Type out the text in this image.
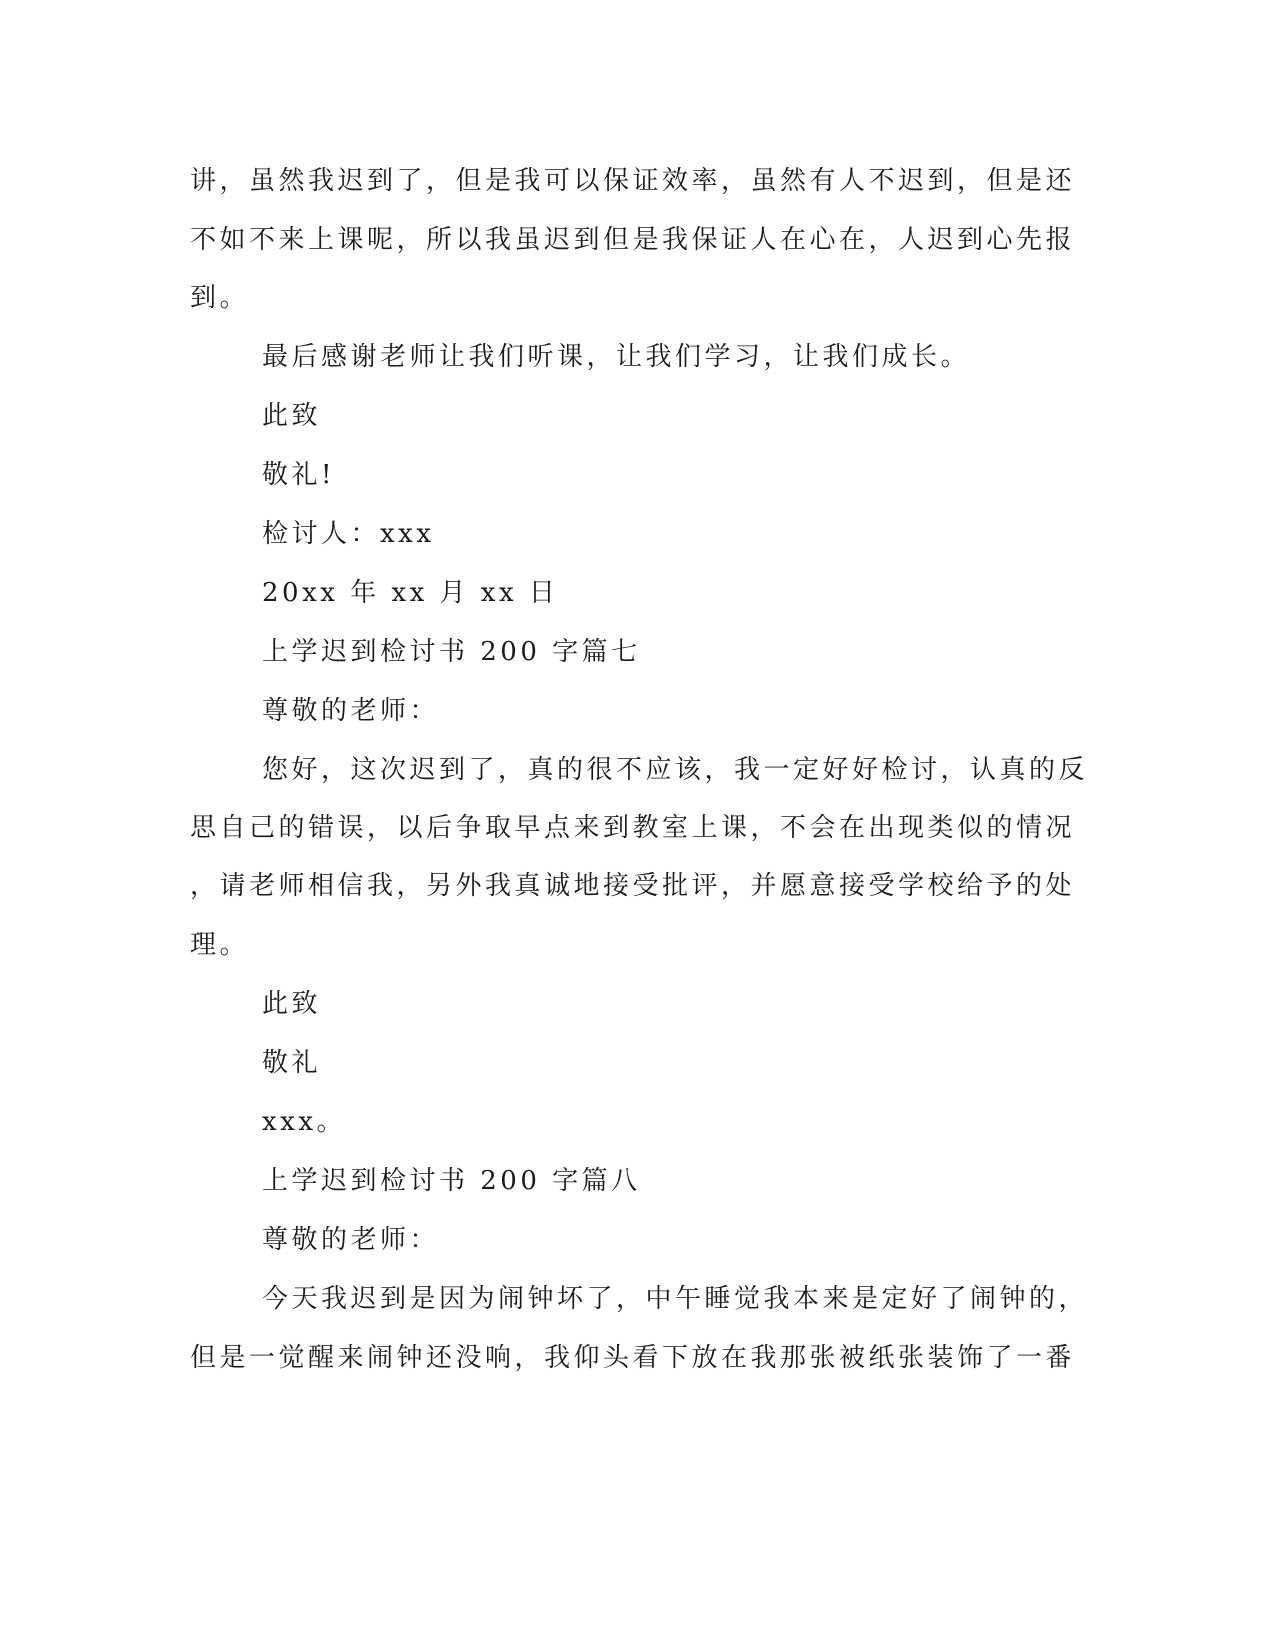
讲，虽然我迟到了，但是我可以保证效率，虽然有人不迟到，但是还
不如不来上课呢，所以我虽迟到但是我保证人在心在，人迟到心先报
到。
最后感谢老师让我们听课，让我们学习，让我们成长。
此致
敬礼!
检讨人：xxx
20xx 年 xx 月 xx 日
上学迟到检讨书 200 字篇七
尊敬的老师：
您好，这次迟到了，真的很不应该，我一定好好检讨，认真的反
思自己的错误，以后争取早点来到教室上课，不会在出现类似的情况
，请老师相信我，另外我真诚地接受批评，并愿意接受学校给予的处
理。
此致
敬礼
xxx。
上学迟到检讨书 200 字篇八
尊敬的老师：
今天我迟到是因为闹钟坏了，中午睡觉我本来是定好了闹钟的，
但是一觉醒来闹钟还没响，我仰头看下放在我那张被纸张装饰了一番
